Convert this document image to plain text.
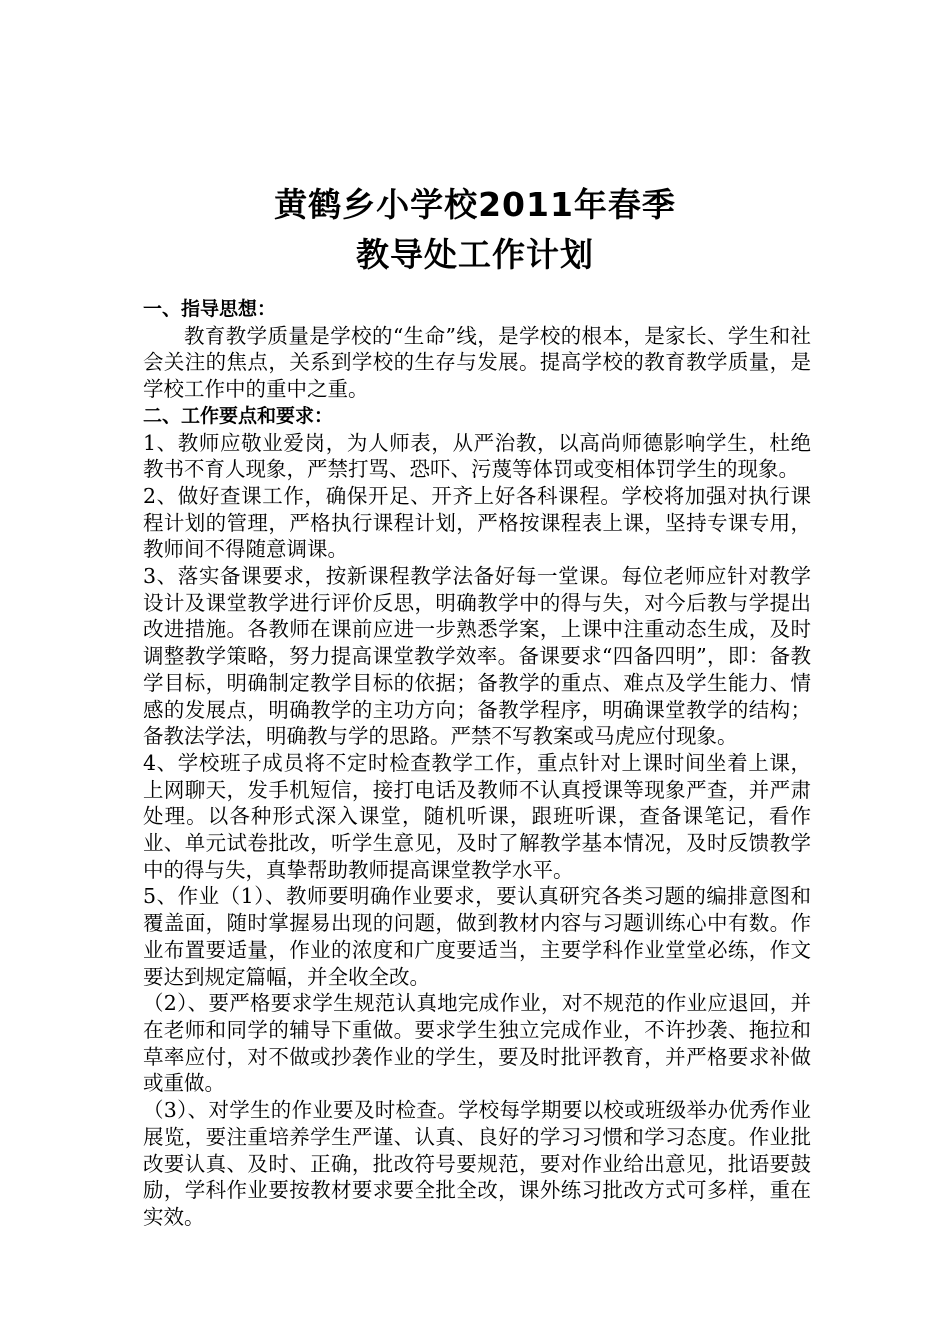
黄鹤乡小学校2011年春季
教导处工作计划

一、指导思想：

教育教学质量是学校的“生命”线，是学校的根本，是家长、学生和社会关注的焦点，关系到学校的生存与发展。提高学校的教育教学质量，是学校工作中的重中之重。

二、工作要点和要求：

1、教师应敬业爱岗，为人师表，从严治教，以高尚师德影响学生，杜绝教书不育人现象，严禁打骂、恐吓、污蔑等体罚或变相体罚学生的现象。

2、做好查课工作，确保开足、开齐上好各科课程。学校将加强对执行课程计划的管理，严格执行课程计划，严格按课程表上课，坚持专课专用，教师间不得随意调课。

3、落实备课要求，按新课程教学法备好每一堂课。每位老师应针对教学设计及课堂教学进行评价反思，明确教学中的得与失，对今后教与学提出改进措施。各教师在课前应进一步熟悉学案，上课中注重动态生成，及时调整教学策略，努力提高课堂教学效率。备课要求“四备四明”，即：备教学目标，明确制定教学目标的依据；备教学的重点、难点及学生能力、情感的发展点，明确教学的主功方向；备教学程序，明确课堂教学的结构；备教法学法，明确教与学的思路。严禁不写教案或马虎应付现象。

4、学校班子成员将不定时检查教学工作，重点针对上课时间坐着上课，上网聊天，发手机短信，接打电话及教师不认真授课等现象严查，并严肃处理。以各种形式深入课堂，随机听课，跟班听课，查备课笔记，看作业、单元试卷批改，听学生意见，及时了解教学基本情况，及时反馈教学中的得与失，真挚帮助教师提高课堂教学水平。

5、作业（1）、教师要明确作业要求，要认真研究各类习题的编排意图和覆盖面，随时掌握易出现的问题，做到教材内容与习题训练心中有数。作业布置要适量，作业的浓度和广度要适当，主要学科作业堂堂必练，作文要达到规定篇幅，并全收全改。

（2）、要严格要求学生规范认真地完成作业，对不规范的作业应退回，并在老师和同学的辅导下重做。要求学生独立完成作业，不许抄袭、拖拉和草率应付，对不做或抄袭作业的学生，要及时批评教育，并严格要求补做或重做。

（3）、对学生的作业要及时检查。学校每学期要以校或班级举办优秀作业展览，要注重培养学生严谨、认真、良好的学习习惯和学习态度。作业批改要认真、及时、正确，批改符号要规范，要对作业给出意见，批语要鼓励，学科作业要按教材要求要全批全改，课外练习批改方式可多样，重在实效。
